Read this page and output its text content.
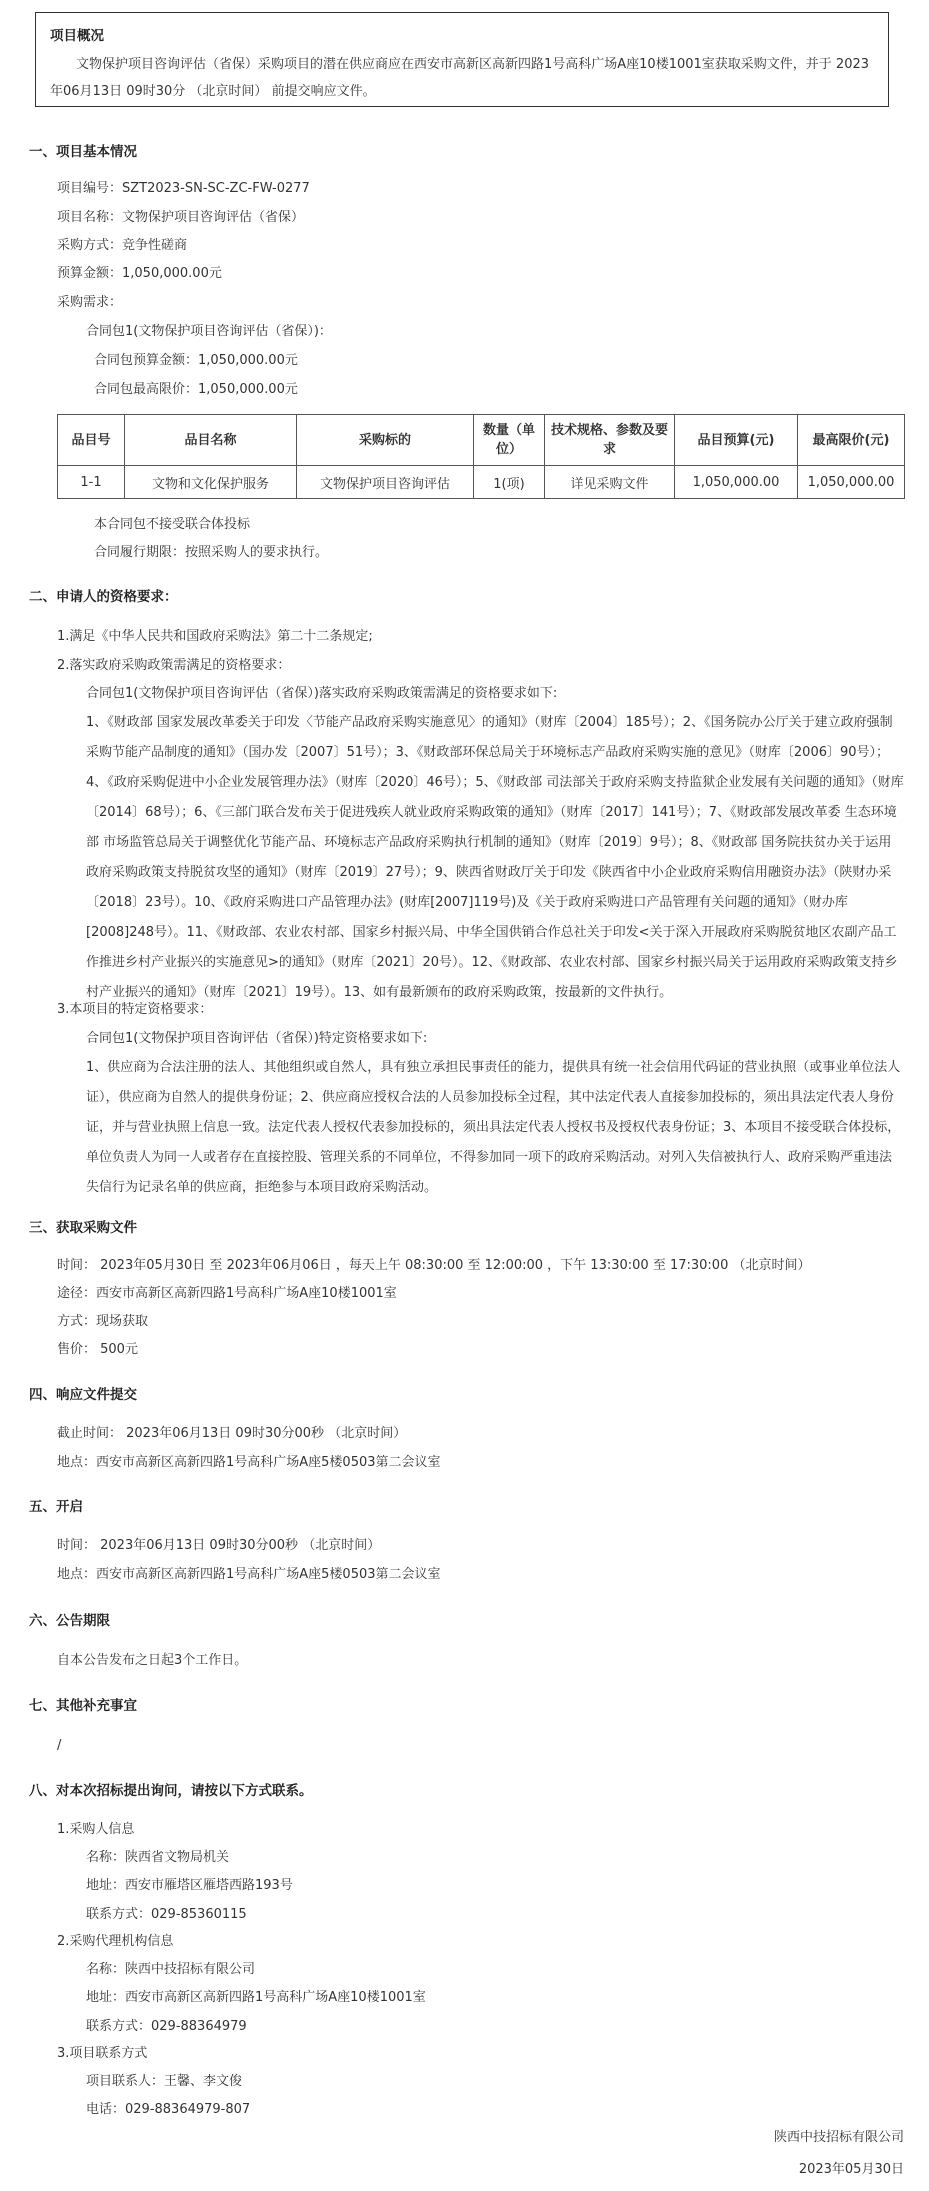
项目概况
文物保护项目咨询评估（省保）采购项目的潜在供应商应在西安市高新区高新四路1号高科广场A座10楼1001室获取采购文件，并于 2023年06月13日 09时30分 （北京时间） 前提交响应文件。
一、项目基本情况
项目编号：SZT2023-SN-SC-ZC-FW-0277
项目名称：文物保护项目咨询评估（省保）
采购方式：竞争性磋商
预算金额：1,050,000.00元
采购需求：
合同包1(文物保护项目咨询评估（省保）)：
合同包预算金额：1,050,000.00元
合同包最高限价：1,050,000.00元
品目号	品目名称	采购标的	数量（单位）	技术规格、参数及要求	品目预算(元)	最高限价(元)
1-1	文物和文化保护服务	文物保护项目咨询评估	1(项)	详见采购文件	1,050,000.00	1,050,000.00
本合同包不接受联合体投标
合同履行期限：按照采购人的要求执行。
二、申请人的资格要求：
1.满足《中华人民共和国政府采购法》第二十二条规定;
2.落实政府采购政策需满足的资格要求：
合同包1(文物保护项目咨询评估（省保）)落实政府采购政策需满足的资格要求如下:
1、《财政部 国家发展改革委关于印发〈节能产品政府采购实施意见〉的通知》（财库〔2004〕185号）；2、《国务院办公厅关于建立政府强制采购节能产品制度的通知》（国办发〔2007〕51号）；3、《财政部环保总局关于环境标志产品政府采购实施的意见》（财库〔2006〕90号）；4、《政府采购促进中小企业发展管理办法》（财库〔2020〕46号）；5、《财政部 司法部关于政府采购支持监狱企业发展有关问题的通知》（财库〔2014〕68号）；6、《三部门联合发布关于促进残疾人就业政府采购政策的通知》（财库〔2017〕141号）；7、《财政部发展改革委 生态环境部 市场监管总局关于调整优化节能产品、环境标志产品政府采购执行机制的通知》（财库〔2019〕9号）；8、《财政部 国务院扶贫办关于运用政府采购政策支持脱贫攻坚的通知》（财库〔2019〕27号）；9、陕西省财政厅关于印发《陕西省中小企业政府采购信用融资办法》（陕财办采〔2018〕23号）。10、《政府采购进口产品管理办法》(财库[2007]119号)及《关于政府采购进口产品管理有关问题的通知》（财办库[2008]248号）。11、《财政部、农业农村部、国家乡村振兴局、中华全国供销合作总社关于印发<关于深入开展政府采购脱贫地区农副产品工作推进乡村产业振兴的实施意见>的通知》（财库〔2021〕20号）。12、《财政部、农业农村部、国家乡村振兴局关于运用政府采购政策支持乡村产业振兴的通知》（财库〔2021〕19号）。13、如有最新颁布的政府采购政策，按最新的文件执行。
3.本项目的特定资格要求：
合同包1(文物保护项目咨询评估（省保）)特定资格要求如下:
1、供应商为合法注册的法人、其他组织或自然人，具有独立承担民事责任的能力，提供具有统一社会信用代码证的营业执照（或事业单位法人证），供应商为自然人的提供身份证；2、供应商应授权合法的人员参加投标全过程，其中法定代表人直接参加投标的，须出具法定代表人身份证，并与营业执照上信息一致。法定代表人授权代表参加投标的，须出具法定代表人授权书及授权代表身份证；3、本项目不接受联合体投标，单位负责人为同一人或者存在直接控股、管理关系的不同单位，不得参加同一项下的政府采购活动。对列入失信被执行人、政府采购严重违法失信行为记录名单的供应商，拒绝参与本项目政府采购活动。
三、获取采购文件
时间： 2023年05月30日 至 2023年06月06日 ，每天上午 08:30:00 至 12:00:00 ，下午 13:30:00 至 17:30:00 （北京时间）
途径：西安市高新区高新四路1号高科广场A座10楼1001室
方式：现场获取
售价： 500元
四、响应文件提交
截止时间： 2023年06月13日 09时30分00秒 （北京时间）
地点：西安市高新区高新四路1号高科广场A座5楼0503第二会议室
五、开启
时间： 2023年06月13日 09时30分00秒 （北京时间）
地点：西安市高新区高新四路1号高科广场A座5楼0503第二会议室
六、公告期限
自本公告发布之日起3个工作日。
七、其他补充事宜
/
八、对本次招标提出询问，请按以下方式联系。
1.采购人信息
名称：陕西省文物局机关
地址：西安市雁塔区雁塔西路193号
联系方式：029-85360115
2.采购代理机构信息
名称：陕西中技招标有限公司
地址：西安市高新区高新四路1号高科广场A座10楼1001室
联系方式：029-88364979
3.项目联系方式
项目联系人：王馨、李文俊
电话：029-88364979-807
陕西中技招标有限公司
2023年05月30日
